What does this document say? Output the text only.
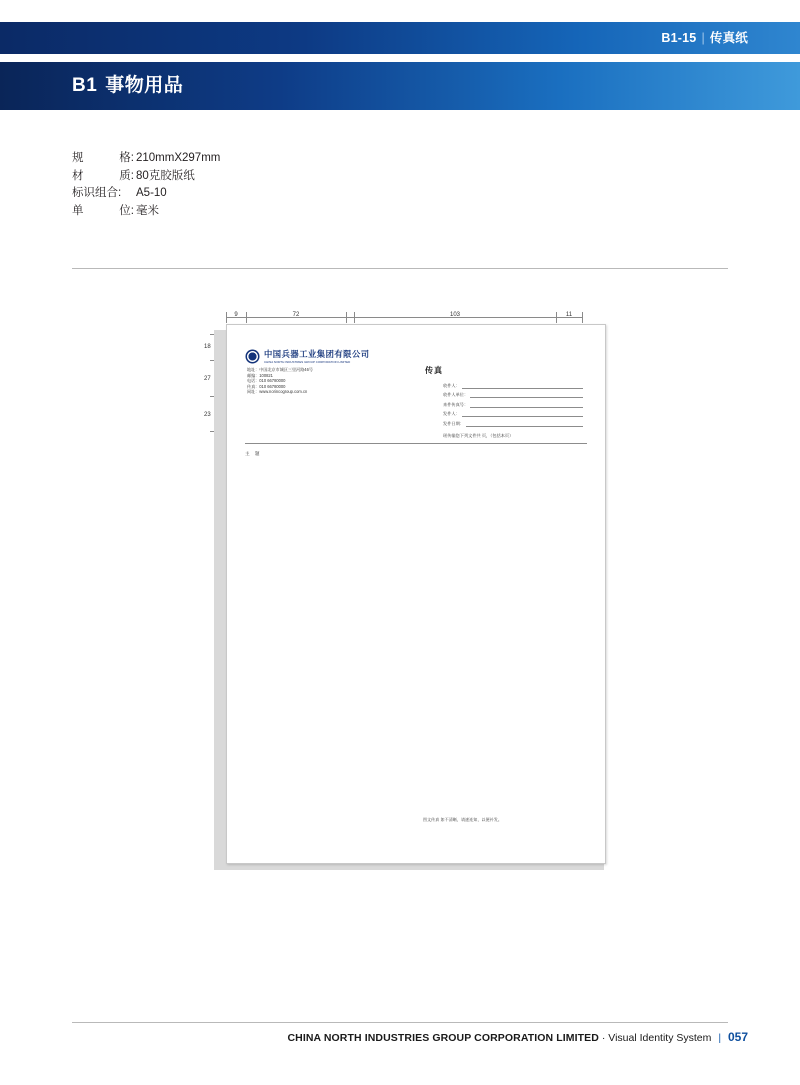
B1-15 | 传真纸
B1 事物用品
规	格: 210mmX297mm
材	质: 80克胶版纸
标识组合:	A5-10
单	位: 毫米
9	72	103	11
18
27
23
中国兵器工业集团有限公司
CHINA NORTH INDUSTRIES GROUP CORPORATION LIMITED
地址：中国北京市城区三里河路46号
邮编：100821
电话：010 66780000
传真：010 66780000
网址：www.norincogroup.com.cn
传真
收件人：
收件人单位：
来件传真号：
发件人：
发件日期：
瑶传输您下列文件共 页，（包括本页）
主 题
图文传真 如不清晰，请速连知，以便补发。
CHINA NORTH INDUSTRIES GROUP CORPORATION LIMITED · Visual Identity System | 057
